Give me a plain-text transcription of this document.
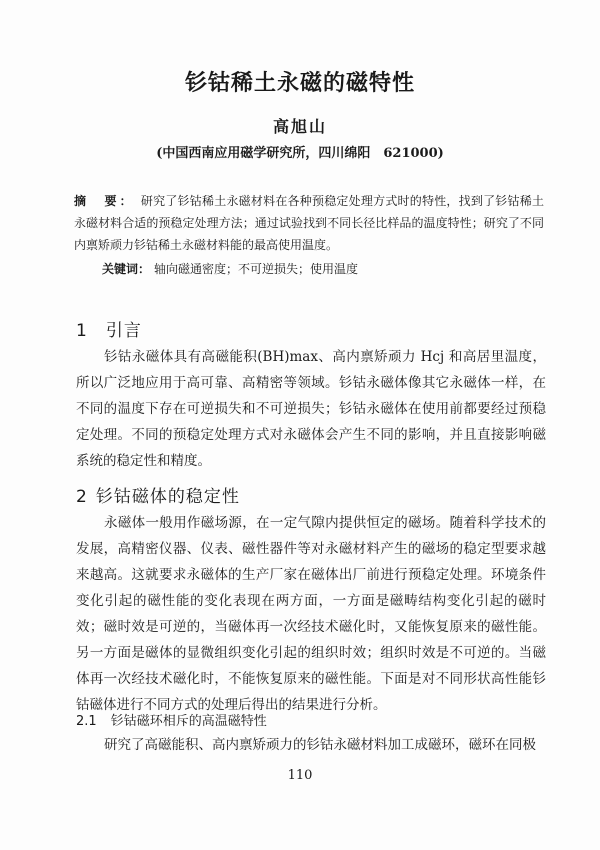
钐钴稀土永磁的磁特性
高旭山
(中国西南应用磁学研究所，四川绵阳　621000)
摘　要： 研究了钐钴稀土永磁材料在各种预稳定处理方式时的特性，找到了钐钴稀土永磁材料合适的预稳定处理方法；通过试验找到不同长径比样品的温度特性；研究了不同内禀矫顽力钐钴稀土永磁材料能的最高使用温度。
关键词： 轴向磁通密度；不可逆损失；使用温度
1 引言
钐钴永磁体具有高磁能积(BH)max、高内禀矫顽力 Hcj 和高居里温度，所以广泛地应用于高可靠、高精密等领域。钐钴永磁体像其它永磁体一样，在不同的温度下存在可逆损失和不可逆损失；钐钴永磁体在使用前都要经过预稳定处理。不同的预稳定处理方式对永磁体会产生不同的影响，并且直接影响磁系统的稳定性和精度。
2 钐钴磁体的稳定性
永磁体一般用作磁场源，在一定气隙内提供恒定的磁场。随着科学技术的发展，高精密仪器、仪表、磁性器件等对永磁材料产生的磁场的稳定型要求越来越高。这就要求永磁体的生产厂家在磁体出厂前进行预稳定处理。环境条件变化引起的磁性能的变化表现在两方面，一方面是磁畴结构变化引起的磁时效；磁时效是可逆的，当磁体再一次经技术磁化时，又能恢复原来的磁性能。另一方面是磁体的显微组织变化引起的组织时效；组织时效是不可逆的。当磁体再一次经技术磁化时，不能恢复原来的磁性能。下面是对不同形状高性能钐钴磁体进行不同方式的处理后得出的结果进行分析。
2.1 钐钴磁环相斥的高温磁特性
研究了高磁能积、高内禀矫顽力的钐钴永磁材料加工成磁环，磁环在同极
110
